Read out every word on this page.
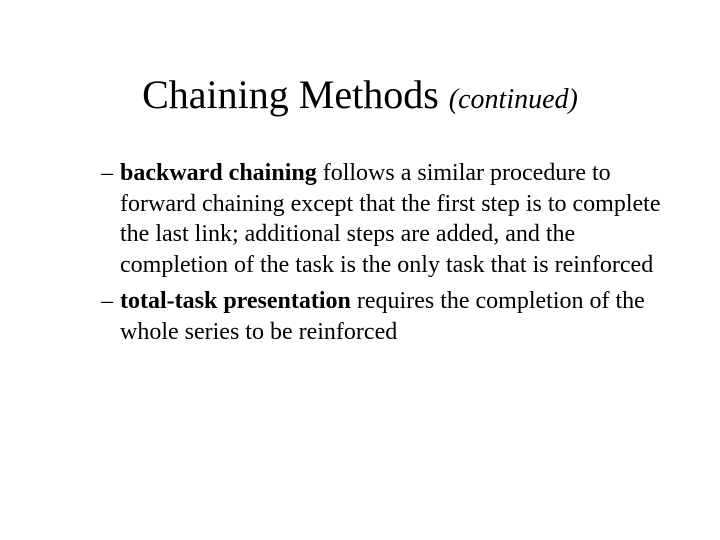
Chaining Methods (continued)
– backward chaining follows a similar procedure to forward chaining except that the first step is to complete the last link; additional steps are added, and the completion of the task is the only task that is reinforced
– total-task presentation requires the completion of the whole series to be reinforced
